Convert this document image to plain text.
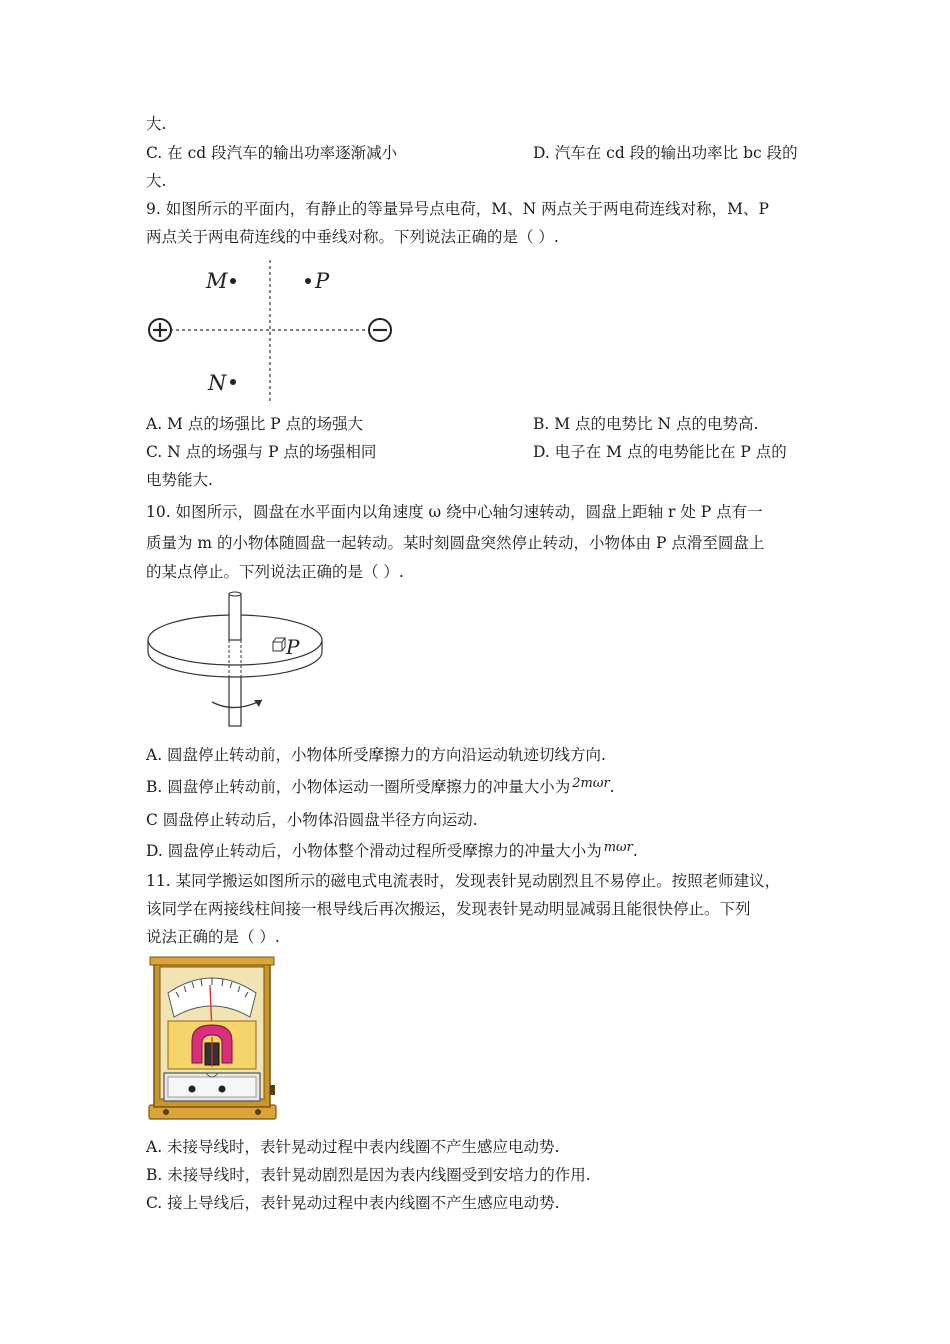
大.
C. 在 cd 段汽车的输出功率逐渐减小	D. 汽车在 cd 段的输出功率比 bc 段的
大.
9. 如图所示的平面内，有静止的等量异号点电荷，M、N 两点关于两电荷连线对称，M、P
两点关于两电荷连线的中垂线对称。下列说法正确的是（ ）.
M	P
N
A. M 点的场强比 P 点的场强大	B. M 点的电势比 N 点的电势高.
C. N 点的场强与 P 点的场强相同	D. 电子在 M 点的电势能比在 P 点的
电势能大.
10. 如图所示，圆盘在水平面内以角速度 ω 绕中心轴匀速转动，圆盘上距轴 r 处 P 点有一
质量为 m 的小物体随圆盘一起转动。某时刻圆盘突然停止转动，小物体由 P 点滑至圆盘上
的某点停止。下列说法正确的是（ ）.
P
A. 圆盘停止转动前，小物体所受摩擦力的方向沿运动轨迹切线方向.
B. 圆盘停止转动前，小物体运动一圈所受摩擦力的冲量大小为 $^{2m\omega r}$.
C 圆盘停止转动后，小物体沿圆盘半径方向运动.
D. 圆盘停止转动后，小物体整个滑动过程所受摩擦力的冲量大小为 $^{m\omega r}$.
11. 某同学搬运如图所示的磁电式电流表时，发现表针晃动剧烈且不易停止。按照老师建议，
该同学在两接线柱间接一根导线后再次搬运，发现表针晃动明显减弱且能很快停止。下列
说法正确的是（ ）.
A. 未接导线时，表针晃动过程中表内线圈不产生感应电动势.
B. 未接导线时，表针晃动剧烈是因为表内线圈受到安培力的作用.
C. 接上导线后，表针晃动过程中表内线圈不产生感应电动势.
